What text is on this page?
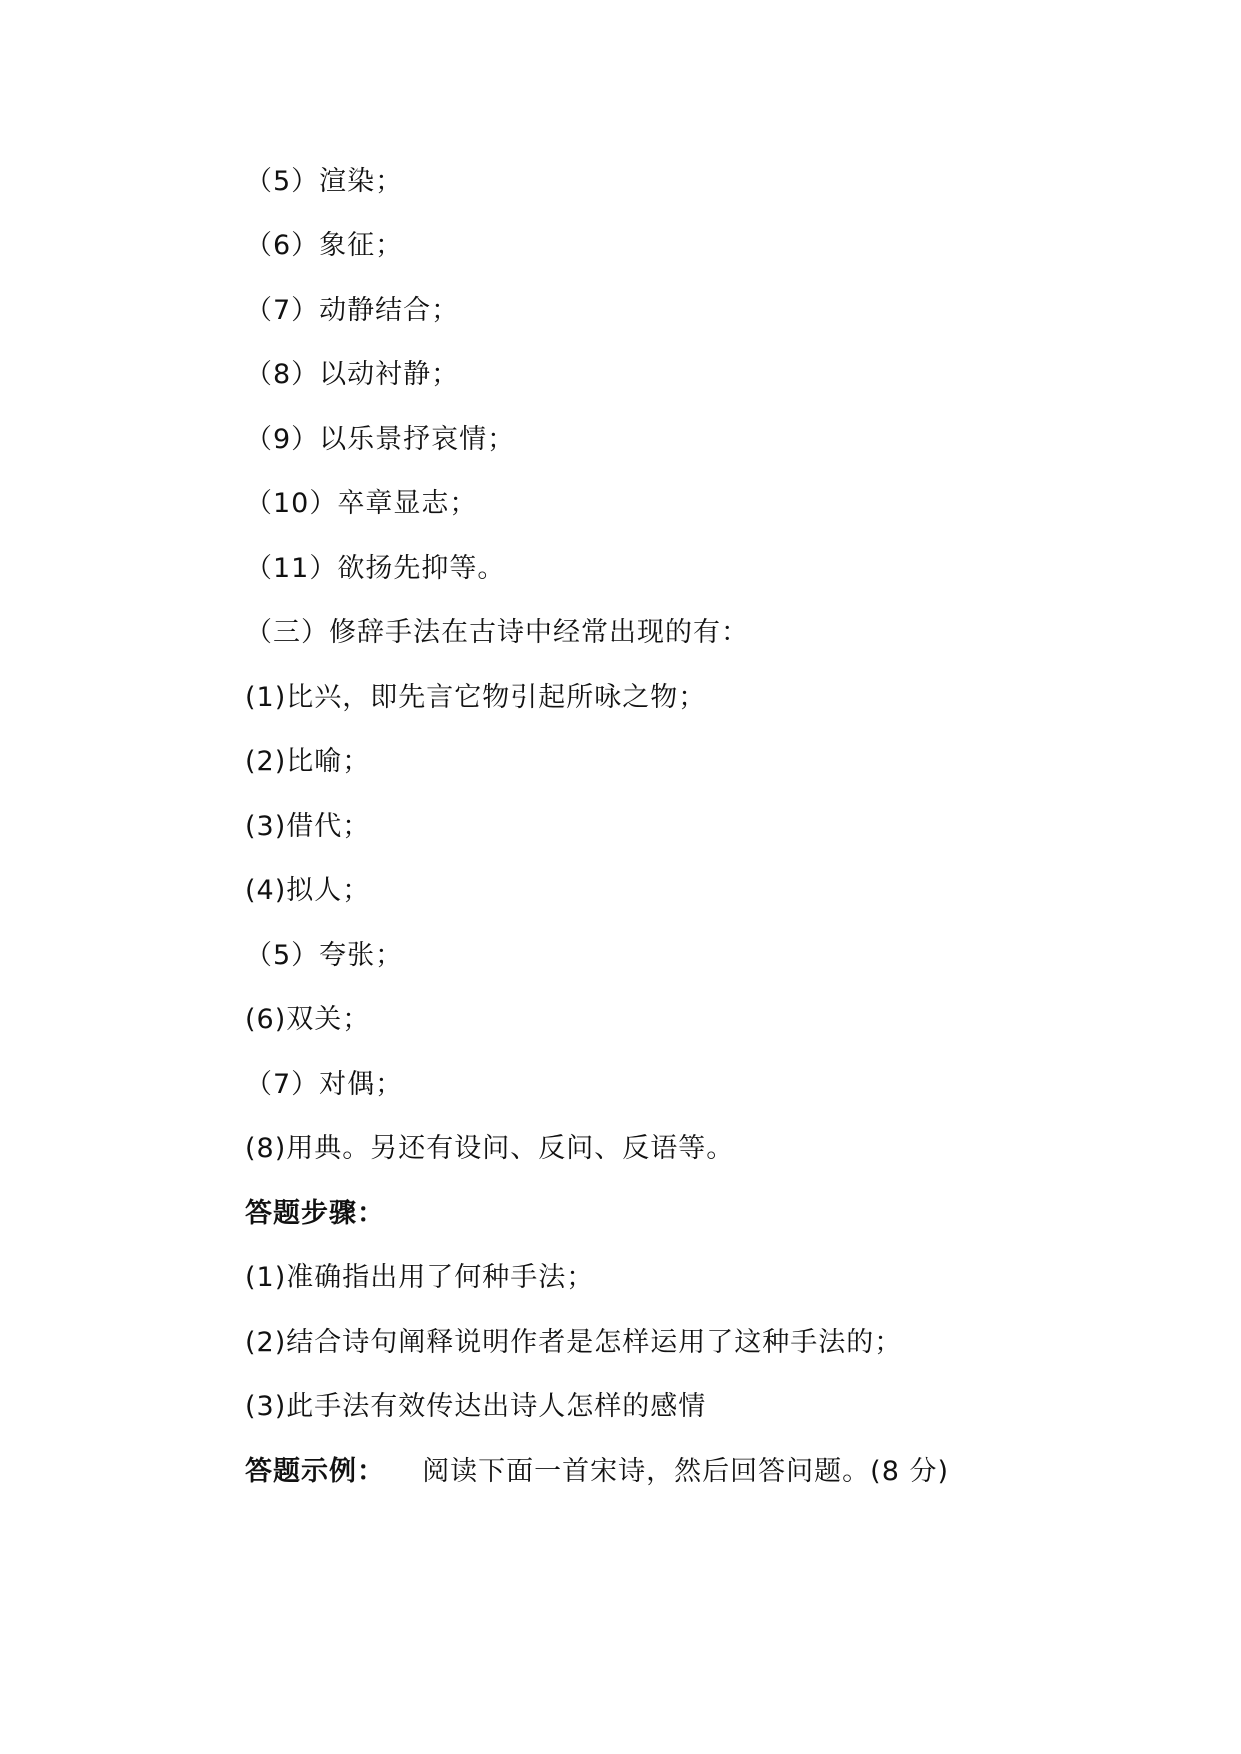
（5）渲染；
（6）象征；
（7）动静结合；
（8）以动衬静；
（9）以乐景抒哀情；
（10）卒章显志；
（11）欲扬先抑等。
（三）修辞手法在古诗中经常出现的有：
(1)比兴，即先言它物引起所咏之物；
(2)比喻；
(3)借代；
(4)拟人；
（5）夸张；
(6)双关；
（7）对偶；
(8)用典。另还有设问、反问、反语等。
答题步骤：
(1)准确指出用了何种手法；
(2)结合诗句阐释说明作者是怎样运用了这种手法的；
(3)此手法有效传达出诗人怎样的感情
答题示例： 阅读下面一首宋诗，然后回答问题。(8 分)
